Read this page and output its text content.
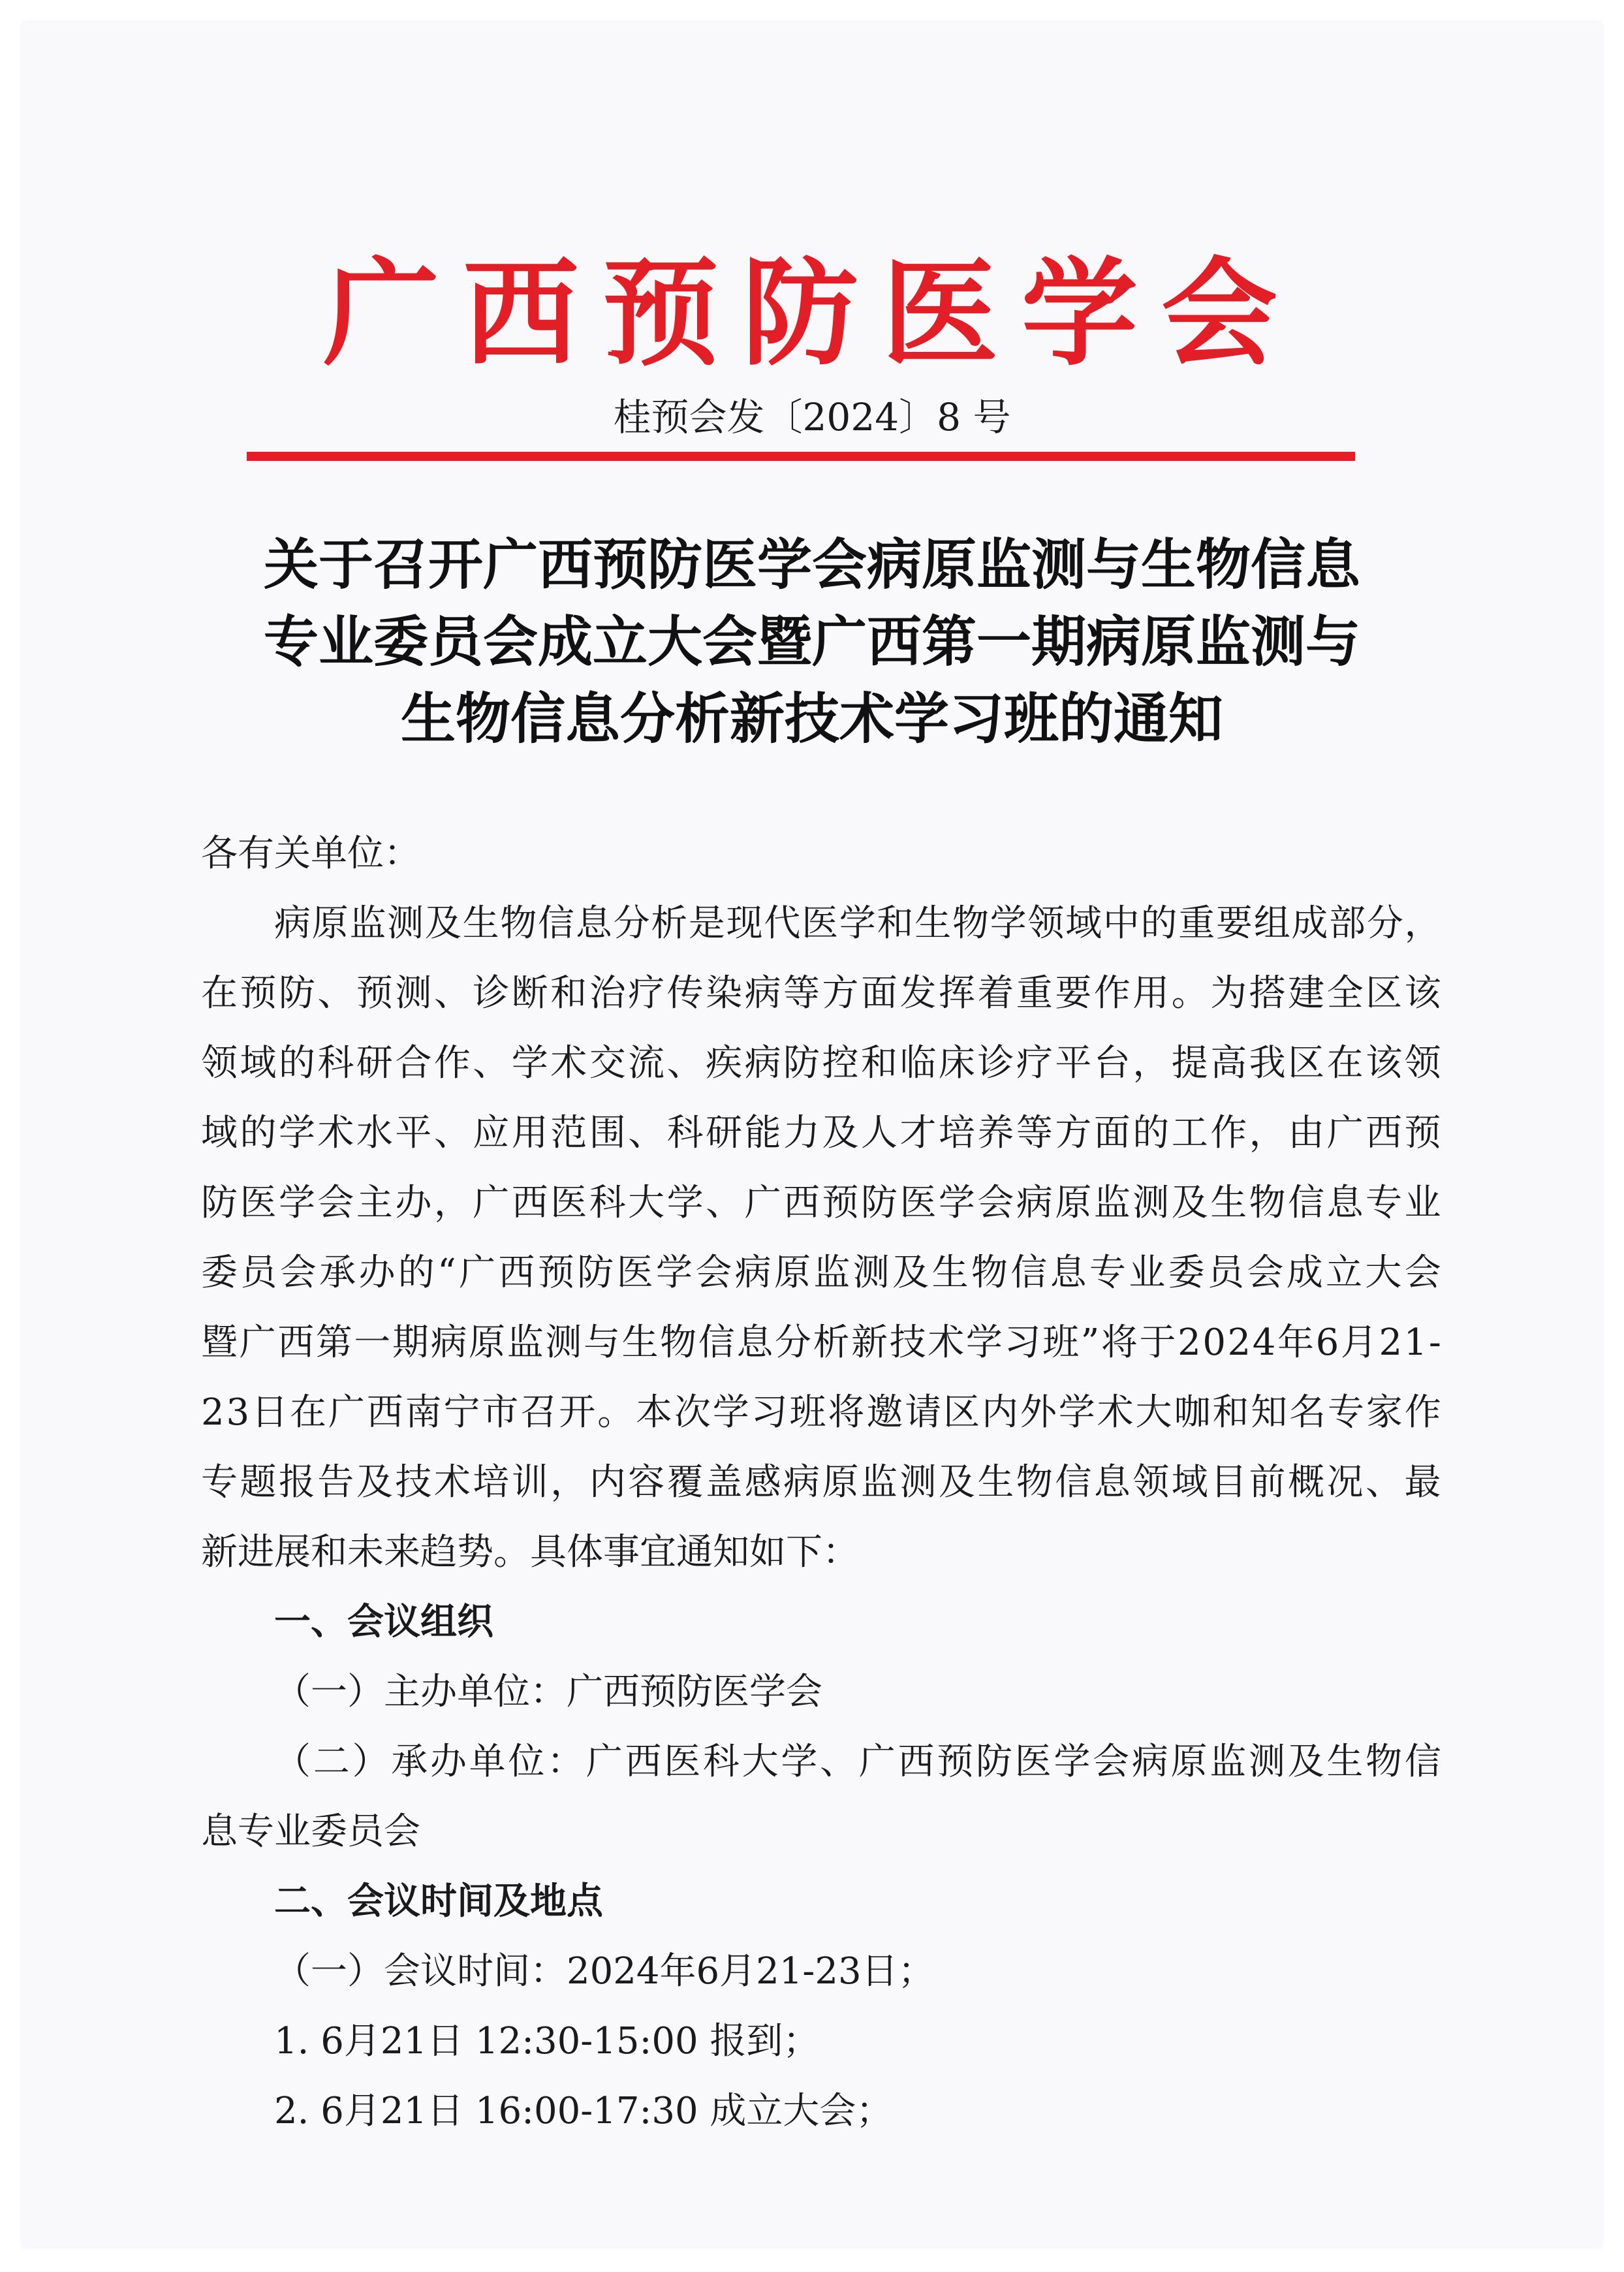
广西预防医学会
桂预会发〔2024〕8 号
关于召开广西预防医学会病原监测与生物信息
专业委员会成立大会暨广西第一期病原监测与
生物信息分析新技术学习班的通知
各有关单位：
病 原 监 测 及 生 物 信 息 分 析 是 现 代 医 学 和 生 物 学 领 域 中 的 重 要 组 成 部 分 ，
在 预 防 、 预 测 、 诊 断 和 治 疗 传 染 病 等 方 面 发 挥 着 重 要 作 用 。 为 搭 建 全 区 该
领 域 的 科 研 合 作 、 学 术 交 流 、 疾 病 防 控 和 临 床 诊 疗 平 台 ， 提 高 我 区 在 该 领
域 的 学 术 水 平 、 应 用 范 围 、 科 研 能 力 及 人 才 培 养 等 方 面 的 工 作 ， 由 广 西 预
防 医 学 会 主 办 ， 广 西 医 科 大 学 、 广 西 预 防 医 学 会 病 原 监 测 及 生 物 信 息 专 业
委 员 会 承 办 的 “ 广 西 预 防 医 学 会 病 原 监 测 及 生 物 信 息 专 业 委 员 会 成 立 大 会
暨 广 西 第 一 期 病 原 监 测 与 生 物 信 息 分 析 新 技 术 学 习 班 ” 将 于 2 0 2 4 年 6 月 2 1 -
2 3 日 在 广 西 南 宁 市 召 开 。 本 次 学 习 班 将 邀 请 区 内 外 学 术 大 咖 和 知 名 专 家 作
专 题 报 告 及 技 术 培 训 ， 内 容 覆 盖 感 病 原 监 测 及 生 物 信 息 领 域 目 前 概 况 、 最
新进展和未来趋势。具体事宜通知如下：
一、会议组织
（一）主办单位：广西预防医学会
（ 二 ） 承 办 单 位 ： 广 西 医 科 大 学 、 广 西 预 防 医 学 会 病 原 监 测 及 生 物 信
息专业委员会
二、会议时间及地点
（一）会议时间：2024年6月21-23日；
1. 6月21日 12:30-15:00 报到；
2. 6月21日 16:00-17:30 成立大会；
